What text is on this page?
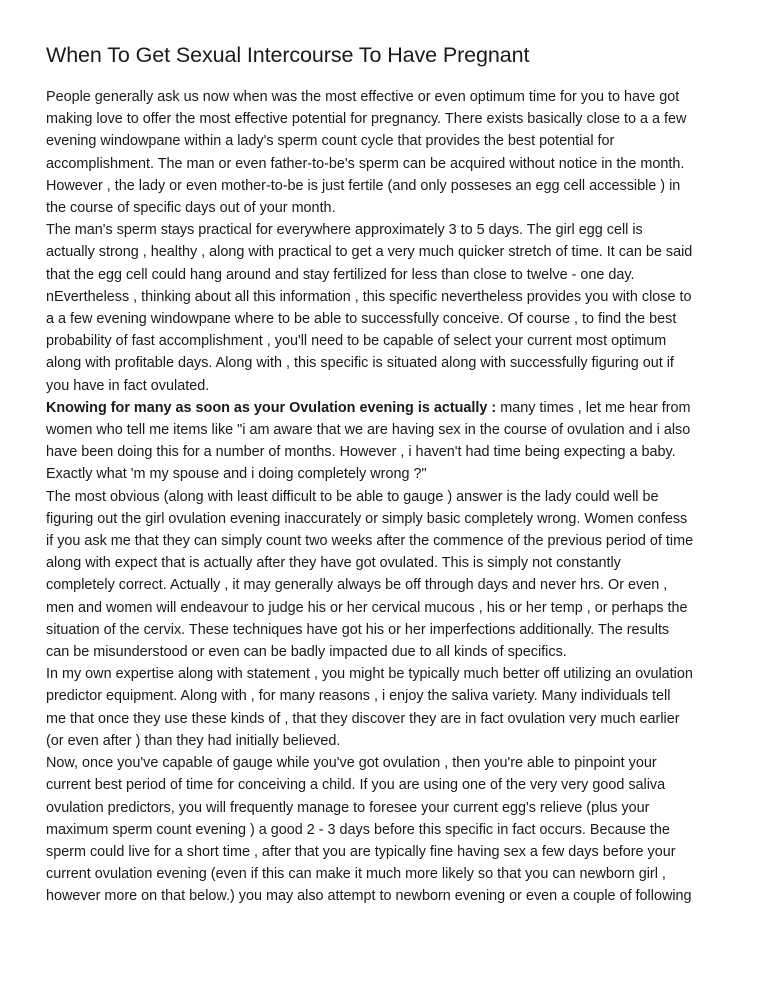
When To Get Sexual Intercourse To Have Pregnant

People generally ask us now when was the most effective or even optimum time for you to have got
making love to offer the most effective potential for pregnancy. There exists basically close to a a few
evening windowpane within a lady's sperm count cycle that provides the best potential for
accomplishment. The man or even father-to-be's sperm can be acquired without notice in the month.
However , the lady or even mother-to-be is just fertile (and only posseses an egg cell accessible ) in
the course of specific days out of your month.

The man's sperm stays practical for everywhere approximately 3 to 5 days. The girl egg cell is
actually strong , healthy , along with practical to get a very much quicker stretch of time. It can be said
that the egg cell could hang around and stay fertilized for less than close to twelve - one day.
nEvertheless , thinking about all this information , this specific nevertheless provides you with close to
a a few evening windowpane where to be able to successfully conceive. Of course , to find the best
probability of fast accomplishment , you'll need to be capable of select your current most optimum
along with profitable days. Along with , this specific is situated along with successfully figuring out if
you have in fact ovulated.

Knowing for many as soon as your Ovulation evening is actually : many times , let me hear from
women who tell me items like "i am aware that we are having sex in the course of ovulation and i also
have been doing this for a number of months. However , i haven't had time being expecting a baby.
Exactly what 'm my spouse and i doing completely wrong ?"

The most obvious (along with least difficult to be able to gauge ) answer is the lady could well be
figuring out the girl ovulation evening inaccurately or simply basic completely wrong. Women confess
if you ask me that they can simply count two weeks after the commence of the previous period of time
along with expect that is actually after they have got ovulated. This is simply not constantly
completely correct. Actually , it may generally always be off through days and never hrs. Or even ,
men and women will endeavour to judge his or her cervical mucous , his or her temp , or perhaps the
situation of the cervix. These techniques have got his or her imperfections additionally. The results
can be misunderstood or even can be badly impacted due to all kinds of specifics.

In my own expertise along with statement , you might be typically much better off utilizing an ovulation
predictor equipment. Along with , for many reasons , i enjoy the saliva variety. Many individuals tell
me that once they use these kinds of , that they discover they are in fact ovulation very much earlier
(or even after ) than they had initially believed.

Now, once you've capable of gauge while you've got ovulation , then you're able to pinpoint your
current best period of time for conceiving a child. If you are using one of the very very good saliva
ovulation predictors, you will frequently manage to foresee your current egg's relieve (plus your
maximum sperm count evening ) a good 2 - 3 days before this specific in fact occurs. Because the
sperm could live for a short time , after that you are typically fine having sex a few days before your
current ovulation evening (even if this can make it much more likely so that you can newborn girl ,
however more on that below.) you may also attempt to newborn evening or even a couple of following
